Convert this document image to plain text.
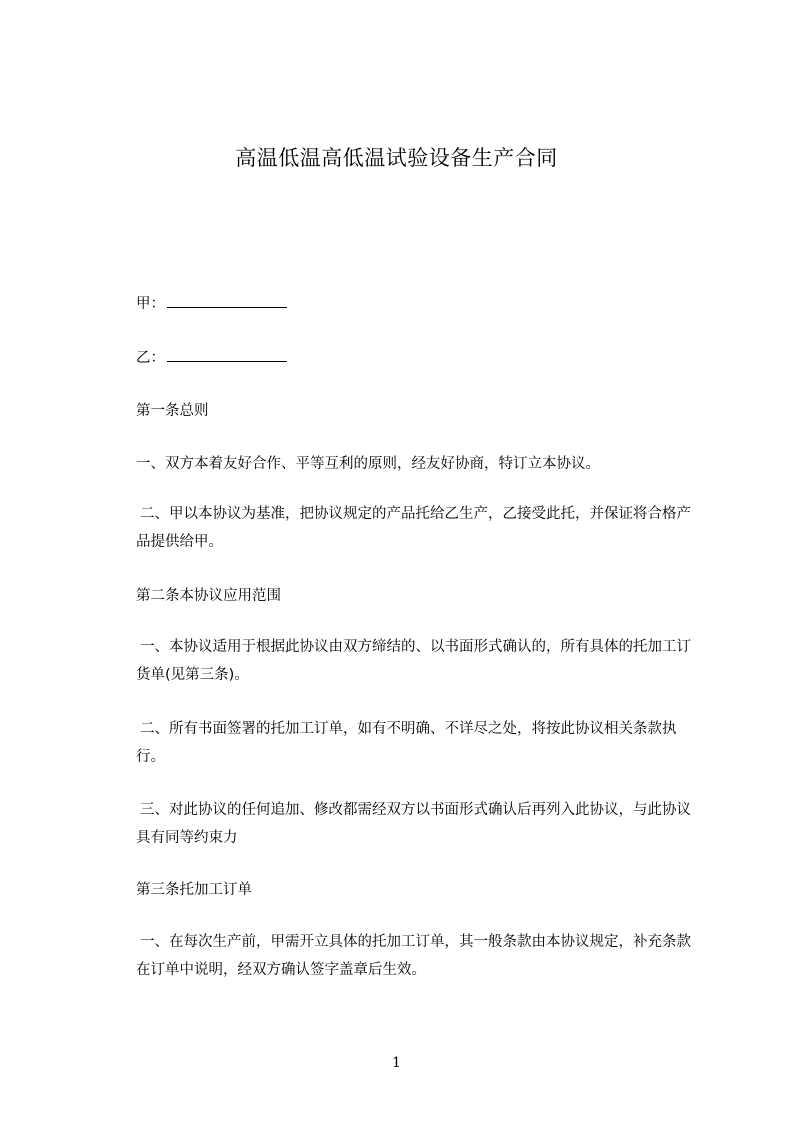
高温低温高低温试验设备生产合同
甲：
乙：
第一条总则
一、双方本着友好合作、平等互利的原则，经友好协商，特订立本协议。
二、甲以本协议为基准，把协议规定的产品托给乙生产，乙接受此托，并保证将合格产品提供给甲。
第二条本协议应用范围
一、本协议适用于根据此协议由双方缔结的、以书面形式确认的，所有具体的托加工订货单(见第三条)。
二、所有书面签署的托加工订单，如有不明确、不详尽之处，将按此协议相关条款执行。
三、对此协议的任何追加、修改都需经双方以书面形式确认后再列入此协议，与此协议具有同等约束力
第三条托加工订单
一、在每次生产前，甲需开立具体的托加工订单，其一般条款由本协议规定，补充条款在订单中说明，经双方确认签字盖章后生效。
1
